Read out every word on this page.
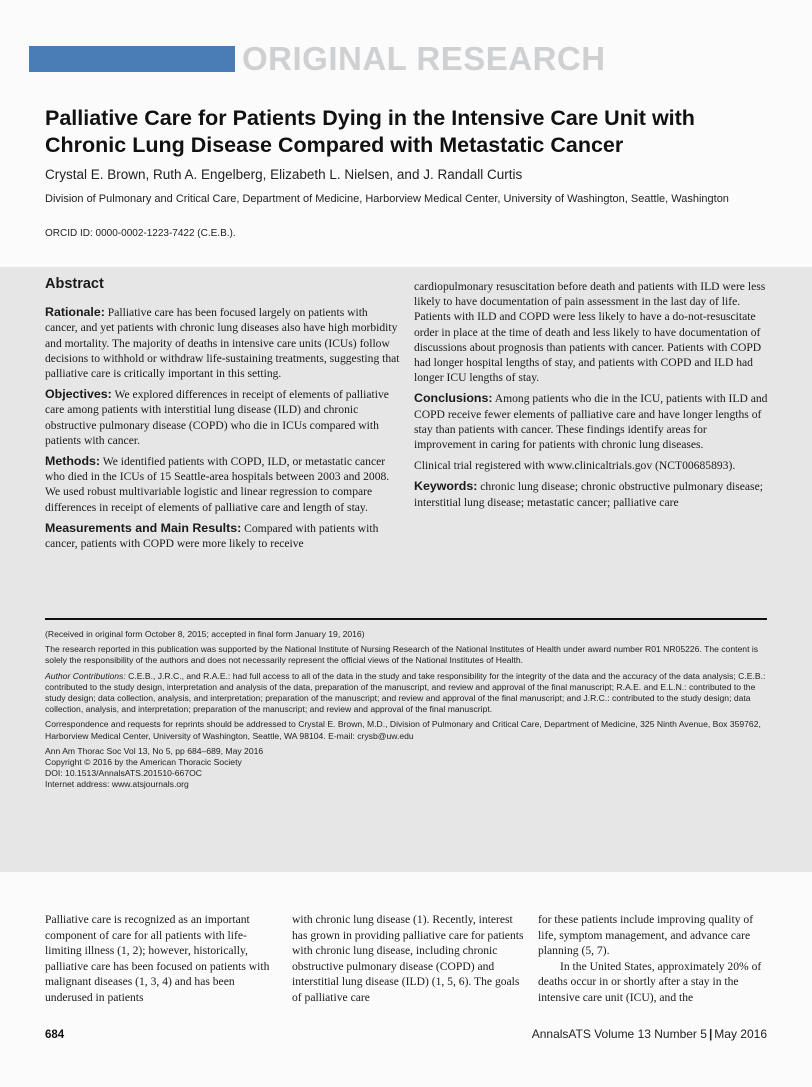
ORIGINAL RESEARCH
Palliative Care for Patients Dying in the Intensive Care Unit with Chronic Lung Disease Compared with Metastatic Cancer
Crystal E. Brown, Ruth A. Engelberg, Elizabeth L. Nielsen, and J. Randall Curtis
Division of Pulmonary and Critical Care, Department of Medicine, Harborview Medical Center, University of Washington, Seattle, Washington
ORCID ID: 0000-0002-1223-7422 (C.E.B.).
Abstract

Rationale: Palliative care has been focused largely on patients with cancer, and yet patients with chronic lung diseases also have high morbidity and mortality. The majority of deaths in intensive care units (ICUs) follow decisions to withhold or withdraw life-sustaining treatments, suggesting that palliative care is critically important in this setting.

Objectives: We explored differences in receipt of elements of palliative care among patients with interstitial lung disease (ILD) and chronic obstructive pulmonary disease (COPD) who die in ICUs compared with patients with cancer.

Methods: We identified patients with COPD, ILD, or metastatic cancer who died in the ICUs of 15 Seattle-area hospitals between 2003 and 2008. We used robust multivariable logistic and linear regression to compare differences in receipt of elements of palliative care and length of stay.

Measurements and Main Results: Compared with patients with cancer, patients with COPD were more likely to receive

cardiopulmonary resuscitation before death and patients with ILD were less likely to have documentation of pain assessment in the last day of life. Patients with ILD and COPD were less likely to have a do-not-resuscitate order in place at the time of death and less likely to have documentation of discussions about prognosis than patients with cancer. Patients with COPD had longer hospital lengths of stay, and patients with COPD and ILD had longer ICU lengths of stay.

Conclusions: Among patients who die in the ICU, patients with ILD and COPD receive fewer elements of palliative care and have longer lengths of stay than patients with cancer. These findings identify areas for improvement in caring for patients with chronic lung diseases.

Clinical trial registered with www.clinicaltrials.gov (NCT00685893).

Keywords: chronic lung disease; chronic obstructive pulmonary disease; interstitial lung disease; metastatic cancer; palliative care

(Received in original form October 8, 2015; accepted in final form January 19, 2016)

The research reported in this publication was supported by the National Institute of Nursing Research of the National Institutes of Health under award number R01 NR05226. The content is solely the responsibility of the authors and does not necessarily represent the official views of the National Institutes of Health.

Author Contributions: C.E.B., J.R.C., and R.A.E.: had full access to all of the data in the study and take responsibility for the integrity of the data and the accuracy of the data analysis; C.E.B.: contributed to the study design, interpretation and analysis of the data, preparation of the manuscript, and review and approval of the final manuscript; R.A.E. and E.L.N.: contributed to the study design; data collection, analysis, and interpretation; preparation of the manuscript; and review and approval of the final manuscript; and J.R.C.: contributed to the study design; data collection, analysis, and interpretation; preparation of the manuscript; and review and approval of the final manuscript.

Correspondence and requests for reprints should be addressed to Crystal E. Brown, M.D., Division of Pulmonary and Critical Care, Department of Medicine, 325 Ninth Avenue, Box 359762, Harborview Medical Center, University of Washington, Seattle, WA 98104. E-mail: crysb@uw.edu

Ann Am Thorac Soc Vol 13, No 5, pp 684–689, May 2016
Copyright © 2016 by the American Thoracic Society
DOI: 10.1513/AnnalsATS.201510-667OC
Internet address: www.atsjournals.org
Palliative care is recognized as an important component of care for all patients with life-limiting illness (1, 2); however, historically, palliative care has been focused on patients with malignant diseases (1, 3, 4) and has been underused in patients
with chronic lung disease (1). Recently, interest has grown in providing palliative care for patients with chronic lung disease, including chronic obstructive pulmonary disease (COPD) and interstitial lung disease (ILD) (1, 5, 6). The goals of palliative care

for these patients include improving quality of life, symptom management, and advance care planning (5, 7).

In the United States, approximately 20% of deaths occur in or shortly after a stay in the intensive care unit (ICU), and the

684	AnnalsATS Volume 13 Number 5 | May 2016
